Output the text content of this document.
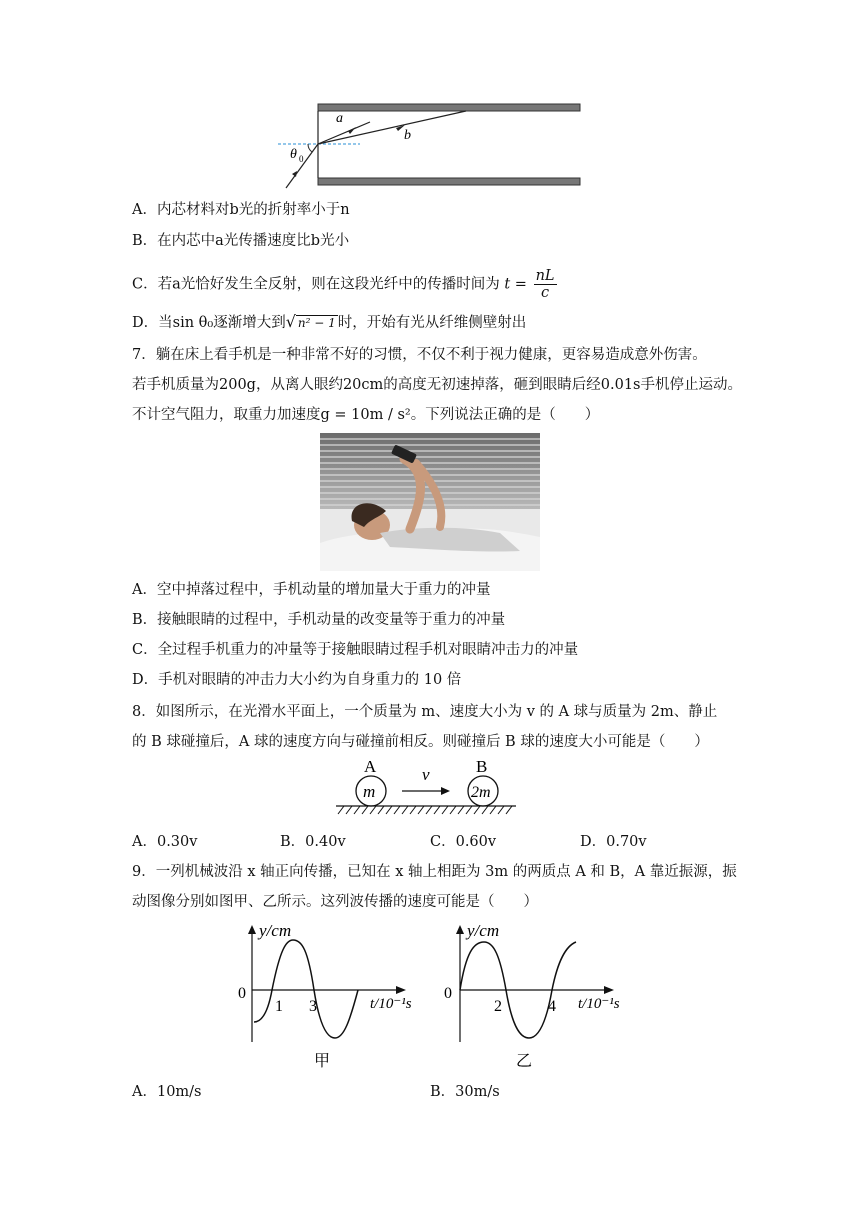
a
b
θ 0
A．内芯材料对b光的折射率小于n
B．在内芯中a光传播速度比b光小
C．若a光恰好发生全反射，则在这段光纤中的传播时间为 $t = \frac{nL}{c}$
D．当sin θ₀逐渐增大到√ n² − 1 时，开始有光从纤维侧壁射出
7．躺在床上看手机是一种非常不好的习惯，不仅不利于视力健康，更容易造成意外伤害。
若手机质量为200g，从离人眼约20cm的高度无初速掉落，砸到眼睛后经0.01s手机停止运动。
不计空气阻力，取重力加速度g = 10m / s²。下列说法正确的是（　　）
A．空中掉落过程中，手机动量的增加量大于重力的冲量
B．接触眼睛的过程中，手机动量的改变量等于重力的冲量
C．全过程手机重力的冲量等于接触眼睛过程手机对眼睛冲击力的冲量
D．手机对眼睛的冲击力大小约为自身重力的 10 倍
8．如图所示，在光滑水平面上，一个质量为 m、速度大小为 v 的 A 球与质量为 2m、静止
的 B 球碰撞后，A 球的速度方向与碰撞前相反。则碰撞后 B 球的速度大小可能是（　　）
A	B
m	2m
v
A．0.30v	B．0.40v	C．0.60v	D．0.70v
9．一列机械波沿 x 轴正向传播，已知在 x 轴上相距为 3m 的两质点 A 和 B，A 靠近振源，振
动图像分别如图甲、乙所示。这列波传播的速度可能是（　　）
y/cm
0
1 3	t/10⁻¹s
甲
y/cm
0
2	4 t/10⁻¹s
乙
A．10m/s	B．30m/s
